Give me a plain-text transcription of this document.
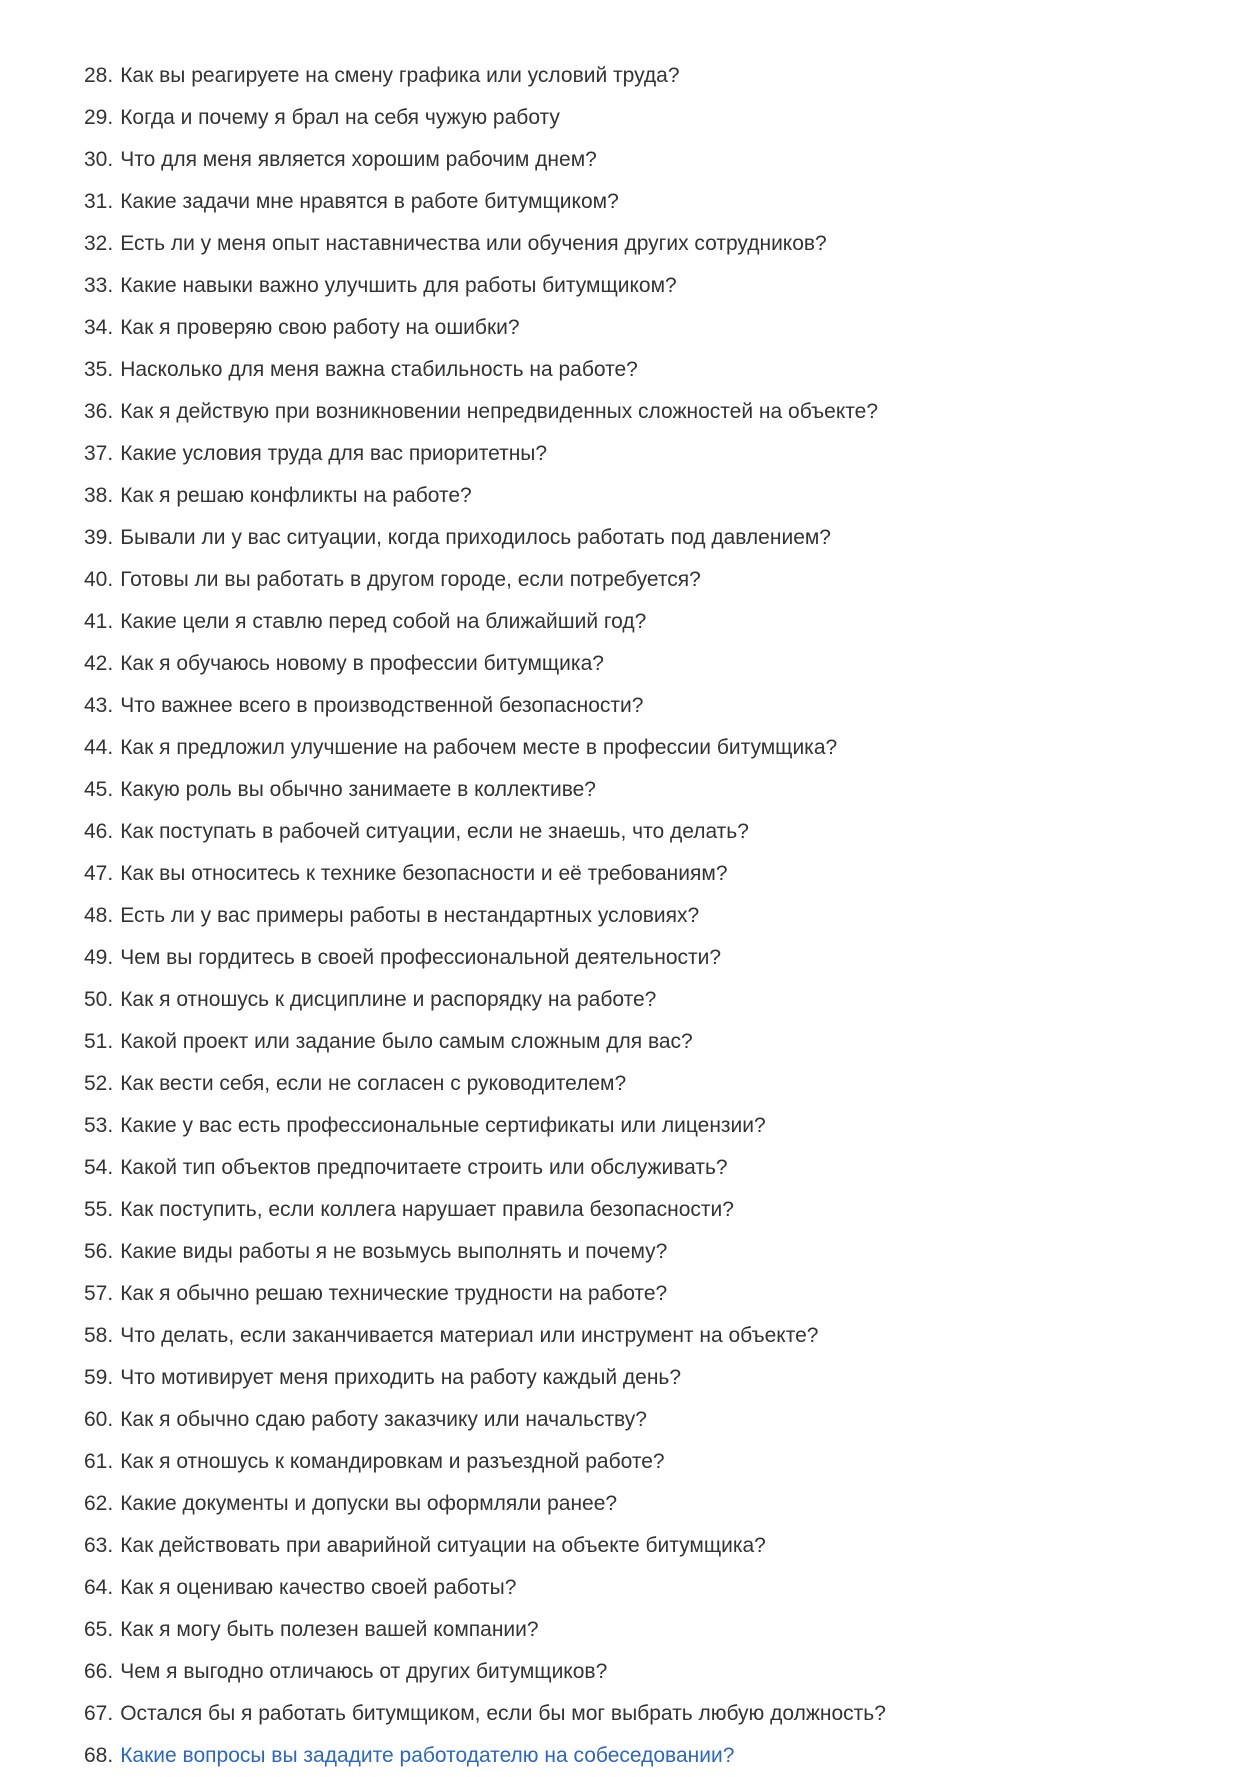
28. Как вы реагируете на смену графика или условий труда?
29. Когда и почему я брал на себя чужую работу
30. Что для меня является хорошим рабочим днем?
31. Какие задачи мне нравятся в работе битумщиком?
32. Есть ли у меня опыт наставничества или обучения других сотрудников?
33. Какие навыки важно улучшить для работы битумщиком?
34. Как я проверяю свою работу на ошибки?
35. Насколько для меня важна стабильность на работе?
36. Как я действую при возникновении непредвиденных сложностей на объекте?
37. Какие условия труда для вас приоритетны?
38. Как я решаю конфликты на работе?
39. Бывали ли у вас ситуации, когда приходилось работать под давлением?
40. Готовы ли вы работать в другом городе, если потребуется?
41. Какие цели я ставлю перед собой на ближайший год?
42. Как я обучаюсь новому в профессии битумщика?
43. Что важнее всего в производственной безопасности?
44. Как я предложил улучшение на рабочем месте в профессии битумщика?
45. Какую роль вы обычно занимаете в коллективе?
46. Как поступать в рабочей ситуации, если не знаешь, что делать?
47. Как вы относитесь к технике безопасности и её требованиям?
48. Есть ли у вас примеры работы в нестандартных условиях?
49. Чем вы гордитесь в своей профессиональной деятельности?
50. Как я отношусь к дисциплине и распорядку на работе?
51. Какой проект или задание было самым сложным для вас?
52. Как вести себя, если не согласен с руководителем?
53. Какие у вас есть профессиональные сертификаты или лицензии?
54. Какой тип объектов предпочитаете строить или обслуживать?
55. Как поступить, если коллега нарушает правила безопасности?
56. Какие виды работы я не возьмусь выполнять и почему?
57. Как я обычно решаю технические трудности на работе?
58. Что делать, если заканчивается материал или инструмент на объекте?
59. Что мотивирует меня приходить на работу каждый день?
60. Как я обычно сдаю работу заказчику или начальству?
61. Как я отношусь к командировкам и разъездной работе?
62. Какие документы и допуски вы оформляли ранее?
63. Как действовать при аварийной ситуации на объекте битумщика?
64. Как я оцениваю качество своей работы?
65. Как я могу быть полезен вашей компании?
66. Чем я выгодно отличаюсь от других битумщиков?
67. Остался бы я работать битумщиком, если бы мог выбрать любую должность?
68. Какие вопросы вы зададите работодателю на собеседовании?
